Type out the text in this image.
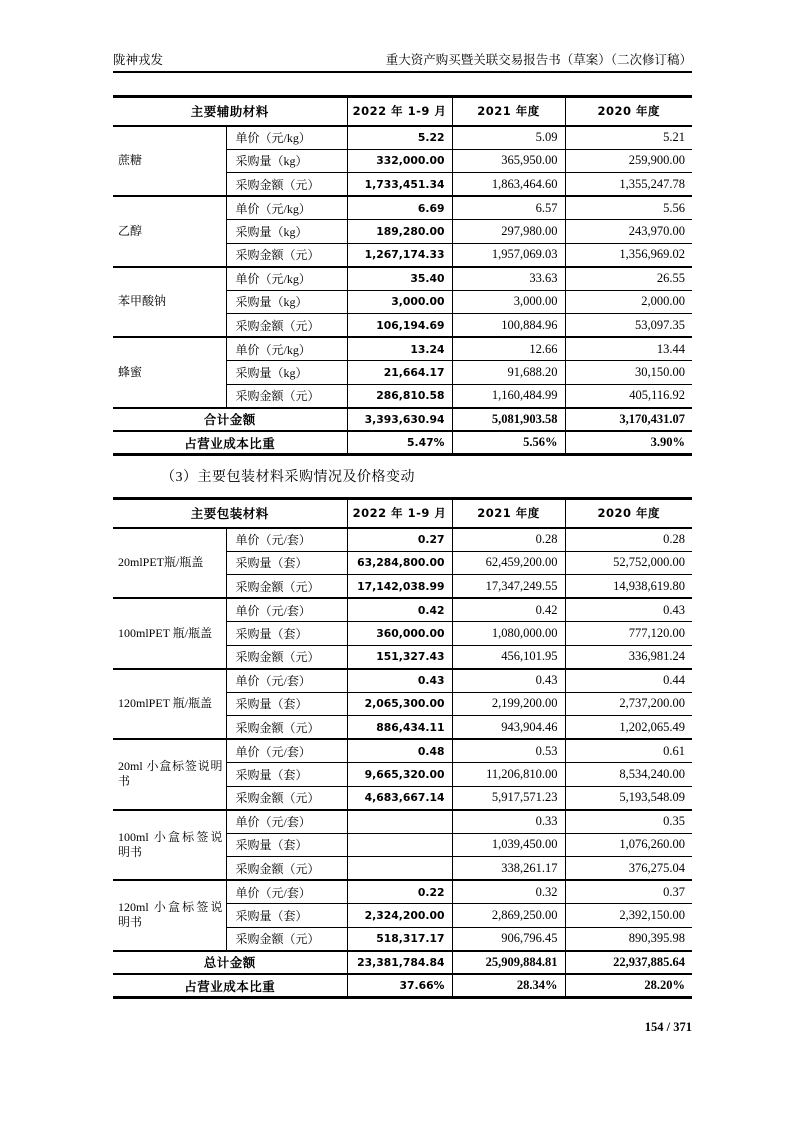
陇神戎发	重大资产购买暨关联交易报告书（草案）（二次修订稿）
主要辅助材料		2022 年 1-9 月	2021 年度	2020 年度
蔗糖	单价（元/kg）	5.22	5.09	5.21
	采购量（kg）	332,000.00	365,950.00	259,900.00
	采购金额（元）	1,733,451.34	1,863,464.60	1,355,247.78
乙醇	单价（元/kg）	6.69	6.57	5.56
	采购量（kg）	189,280.00	297,980.00	243,970.00
	采购金额（元）	1,267,174.33	1,957,069.03	1,356,969.02
苯甲酸钠	单价（元/kg）	35.40	33.63	26.55
	采购量（kg）	3,000.00	3,000.00	2,000.00
	采购金额（元）	106,194.69	100,884.96	53,097.35
蜂蜜	单价（元/kg）	13.24	12.66	13.44
	采购量（kg）	21,664.17	91,688.20	30,150.00
	采购金额（元）	286,810.58	1,160,484.99	405,116.92
合计金额		3,393,630.94	5,081,903.58	3,170,431.07
占营业成本比重		5.47%	5.56%	3.90%
（3）主要包装材料采购情况及价格变动
主要包装材料		2022 年 1-9 月	2021 年度	2020 年度
20mlPET瓶/瓶盖	单价（元/套）	0.27	0.28	0.28
	采购量（套）	63,284,800.00	62,459,200.00	52,752,000.00
	采购金额（元）	17,142,038.99	17,347,249.55	14,938,619.80
100mlPET 瓶/瓶盖	单价（元/套）	0.42	0.42	0.43
	采购量（套）	360,000.00	1,080,000.00	777,120.00
	采购金额（元）	151,327.43	456,101.95	336,981.24
120mlPET 瓶/瓶盖	单价（元/套）	0.43	0.43	0.44
	采购量（套）	2,065,300.00	2,199,200.00	2,737,200.00
	采购金额（元）	886,434.11	943,904.46	1,202,065.49
20ml 小盒标签说明书	单价（元/套）	0.48	0.53	0.61
	采购量（套）	9,665,320.00	11,206,810.00	8,534,240.00
	采购金额（元）	4,683,667.14	5,917,571.23	5,193,548.09
100ml 小盒标签说明书	单价（元/套）		0.33	0.35
	采购量（套）		1,039,450.00	1,076,260.00
	采购金额（元）		338,261.17	376,275.04
120ml 小盒标签说明书	单价（元/套）	0.22	0.32	0.37
	采购量（套）	2,324,200.00	2,869,250.00	2,392,150.00
	采购金额（元）	518,317.17	906,796.45	890,395.98
总计金额		23,381,784.84	25,909,884.81	22,937,885.64
占营业成本比重		37.66%	28.34%	28.20%
154 / 371
